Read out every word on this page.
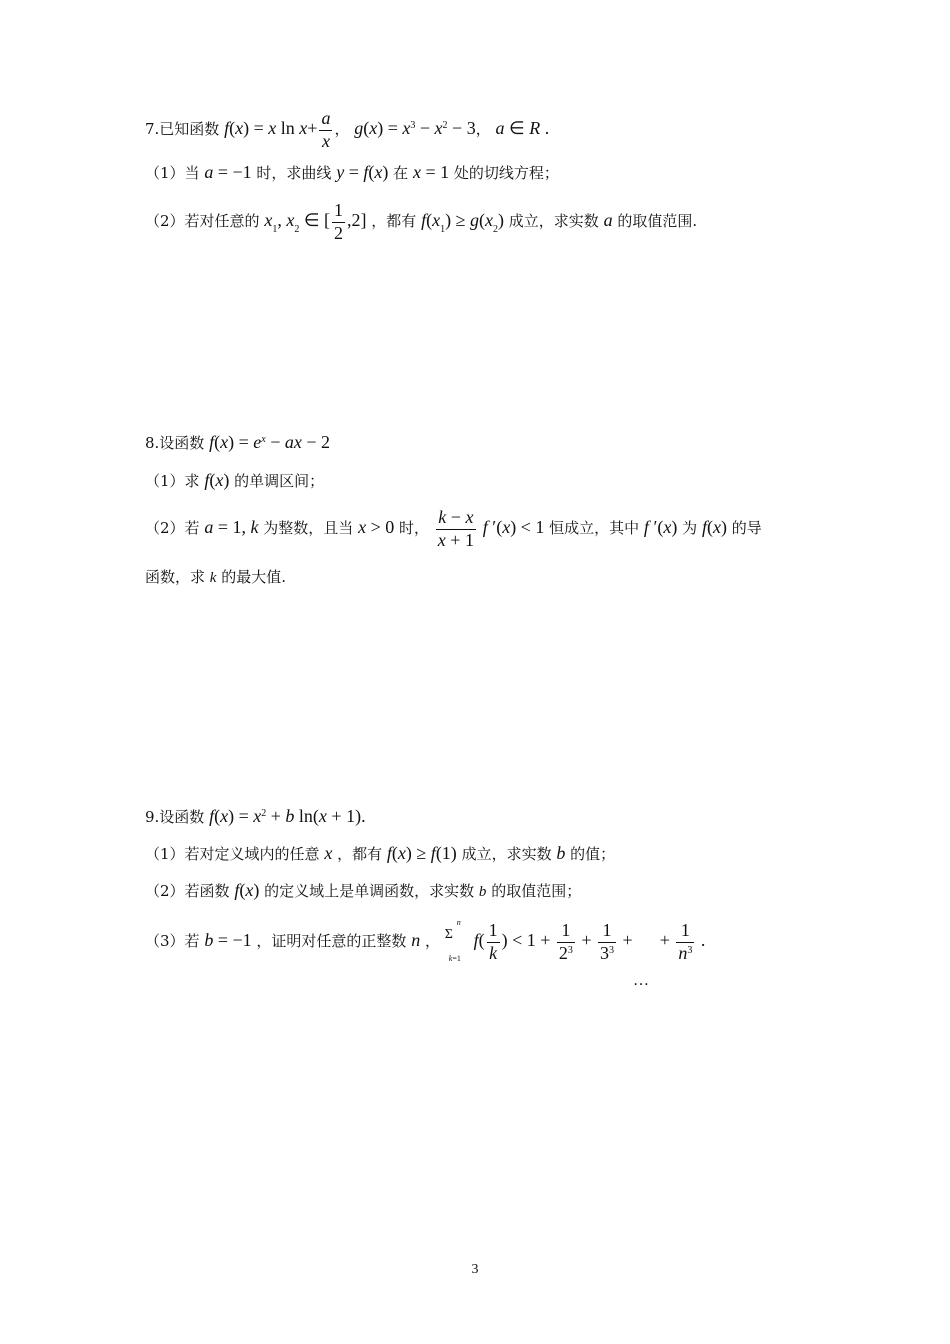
7.已知函数 f(x) = x $\ln x+ \frac{a}{x}$ ， $g(x) = x^3 - x^2 - 3$， a ∈ R .
（1）当 a = −1 时，求曲线 y = f(x) 在 x = 1 处的切线方程；
（2）若对任意的 $x_1$, $x_2$ ∈ [ $\frac{1}{2} ,2$] ，都有 $f(x_1) \ge g(x_2)$ 成立，求实数 a 的取值范围.
8.设函数 $f(x) = e^x$ − ax − 2
（1）求 f(x) 的单调区间；
（2）若 a = 1, k 为整数，且当 x > 0 时， $\frac{k - x}{x + 1}$ f ′(x) < 1 恒成立，其中 f ′(x) 为 f(x) 的导
函数，求 k 的最大值.
9.设函数 $f(x) = x^2 + b$ ln(x + 1).
（1）若对定义域内的任意 x ，都有 f(x) ≥ f(1) 成立，求实数 b 的值；
（2）若函数 f(x) 的定义域上是单调函数，求实数 b 的取值范围；
（3）若 b = −1 ，证明对任意的正整数 n ， Σ
n
k=1
$f( \frac{1}{k}$ ) < $1 + \frac{1}{2^3} + \frac{1}{3^3}$ +      + $\frac{1}{n^3}$ .
…
3
